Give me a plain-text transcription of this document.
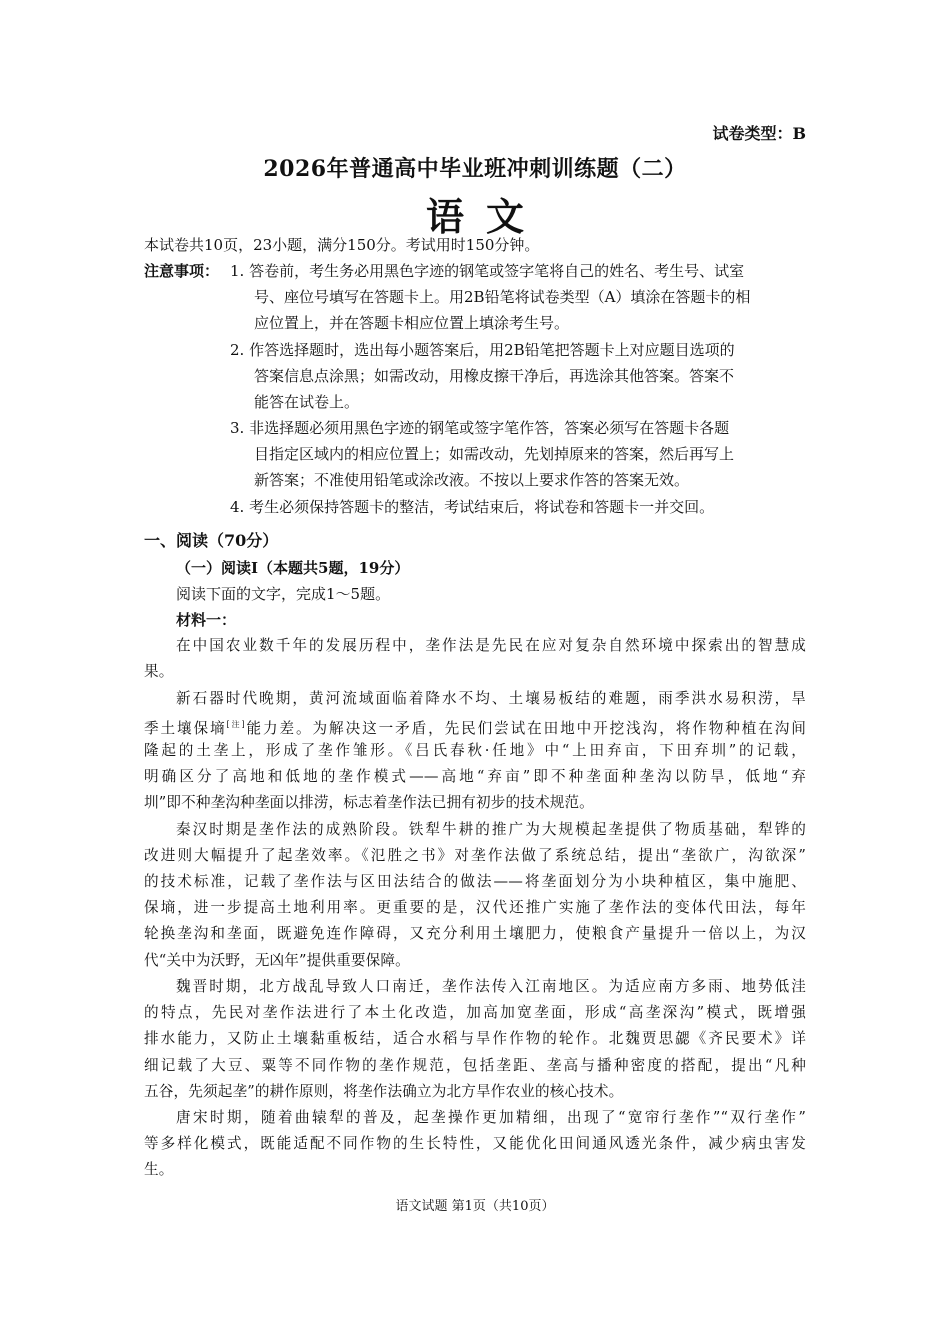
试卷类型：B
2026年普通高中毕业班冲刺训练题（二）
语文
本试卷共10页，23小题，满分150分。考试用时150分钟。
注意事项： 1. 答卷前，考生务必用黑色字迹的钢笔或签字笔将自己的姓名、考生号、试室
号、座位号填写在答题卡上。用2B铅笔将试卷类型（A）填涂在答题卡的相
应位置上，并在答题卡相应位置上填涂考生号。
2. 作答选择题时，选出每小题答案后，用2B铅笔把答题卡上对应题目选项的
答案信息点涂黑；如需改动，用橡皮擦干净后，再选涂其他答案。答案不
能答在试卷上。
3. 非选择题必须用黑色字迹的钢笔或签字笔作答，答案必须写在答题卡各题
目指定区域内的相应位置上；如需改动，先划掉原来的答案，然后再写上
新答案；不准使用铅笔或涂改液。不按以上要求作答的答案无效。
4. 考生必须保持答题卡的整洁，考试结束后，将试卷和答题卡一并交回。
一、阅读（70分）
（一）阅读Ⅰ（本题共5题，19分）
阅读下面的文字，完成1～5题。
材料一：
在中国农业数千年的发展历程中，垄作法是先民在应对复杂自然环境中探索出的智慧成
果。
新石器时代晚期，黄河流域面临着降水不均、土壤易板结的难题，雨季洪水易积涝，旱
季土壤保墒[注]能力差。为解决这一矛盾，先民们尝试在田地中开挖浅沟，将作物种植在沟间
隆起的土垄上，形成了垄作雏形。《吕氏春秋·任地》中“上田弃亩，下田弃圳”的记载，
明确区分了高地和低地的垄作模式——高地“弃亩”即不种垄面种垄沟以防旱，低地“弃
圳”即不种垄沟种垄面以排涝，标志着垄作法已拥有初步的技术规范。
秦汉时期是垄作法的成熟阶段。铁犁牛耕的推广为大规模起垄提供了物质基础，犁铧的
改进则大幅提升了起垄效率。《氾胜之书》对垄作法做了系统总结，提出“垄欲广，沟欲深”
的技术标准，记载了垄作法与区田法结合的做法——将垄面划分为小块种植区，集中施肥、
保墒，进一步提高土地利用率。更重要的是，汉代还推广实施了垄作法的变体代田法，每年
轮换垄沟和垄面，既避免连作障碍，又充分利用土壤肥力，使粮食产量提升一倍以上，为汉
代“关中为沃野，无凶年”提供重要保障。
魏晋时期，北方战乱导致人口南迁，垄作法传入江南地区。为适应南方多雨、地势低洼
的特点，先民对垄作法进行了本土化改造，加高加宽垄面，形成“高垄深沟”模式，既增强
排水能力，又防止土壤黏重板结，适合水稻与旱作作物的轮作。北魏贾思勰《齐民要术》详
细记载了大豆、粟等不同作物的垄作规范，包括垄距、垄高与播种密度的搭配，提出“凡种
五谷，先须起垄”的耕作原则，将垄作法确立为北方旱作农业的核心技术。
唐宋时期，随着曲辕犁的普及，起垄操作更加精细，出现了“宽帘行垄作”“双行垄作”
等多样化模式，既能适配不同作物的生长特性，又能优化田间通风透光条件，减少病虫害发
生。
语文试题 第1页（共10页）
